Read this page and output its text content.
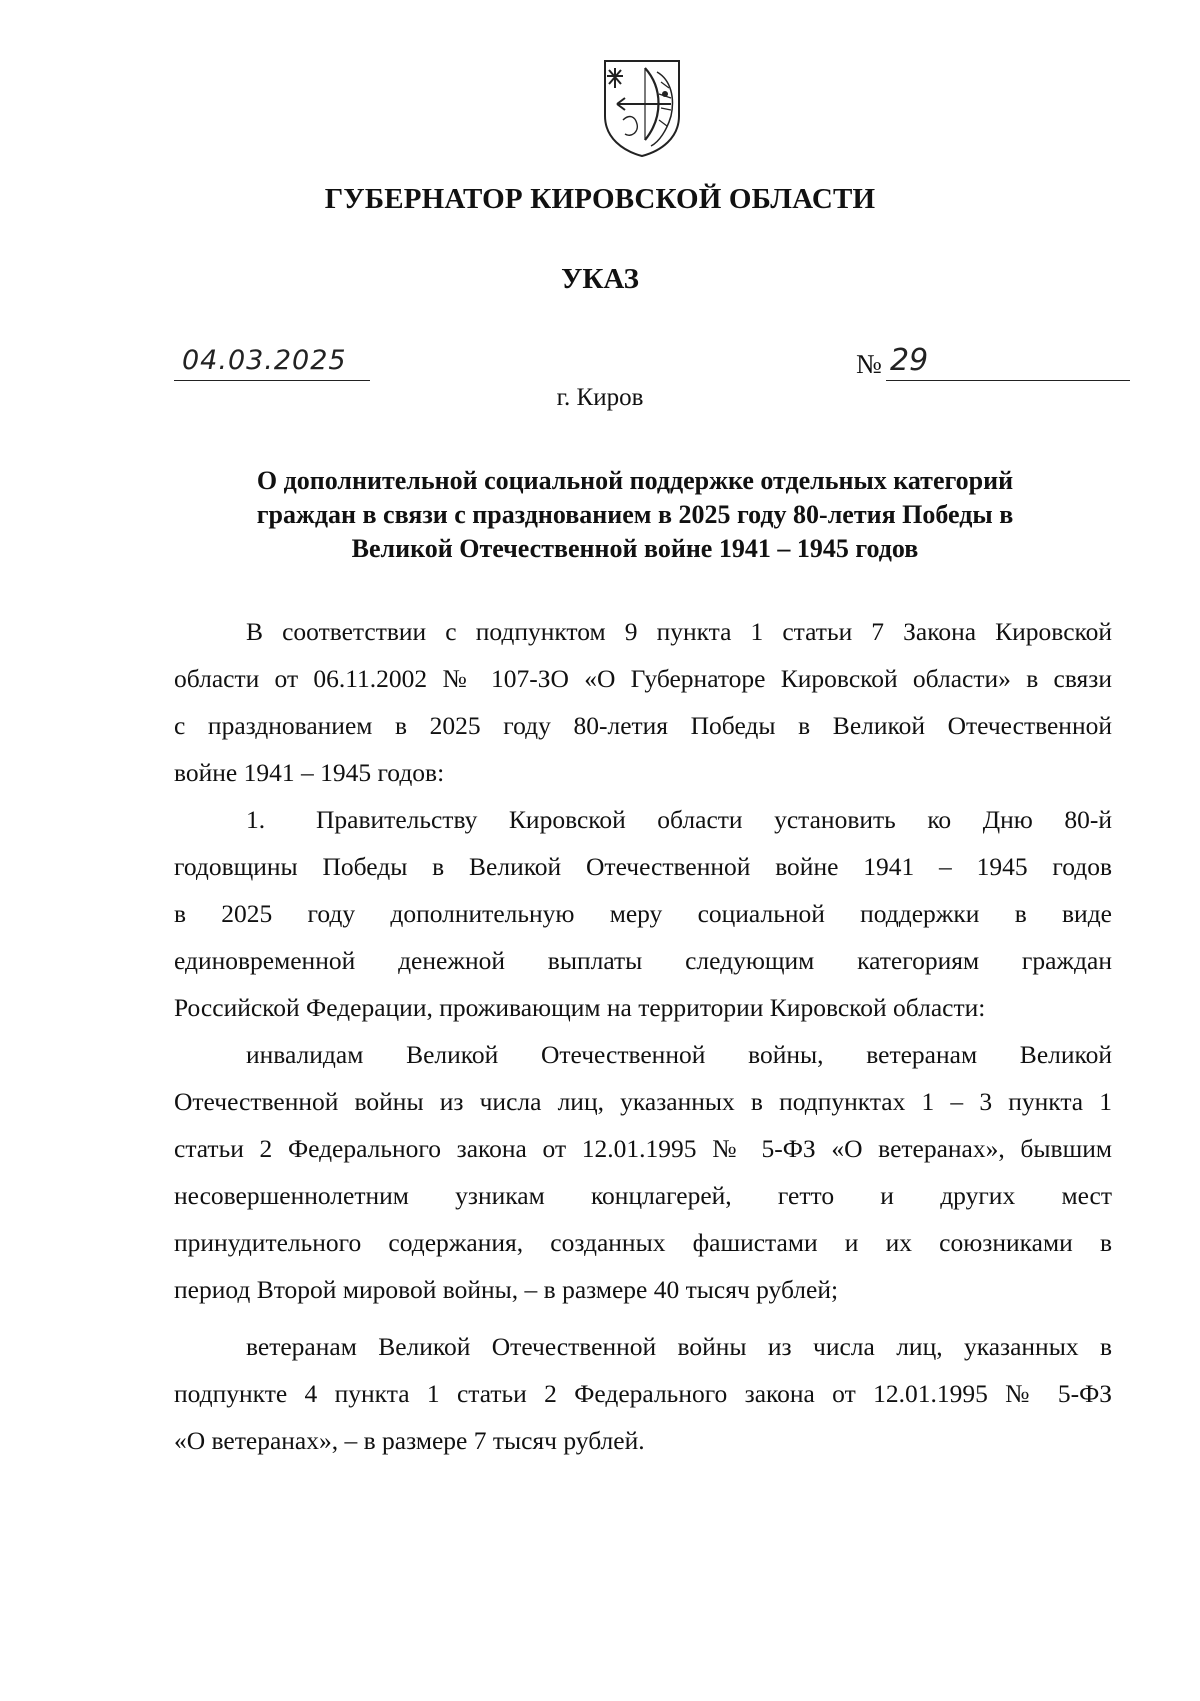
ГУБЕРНАТОР КИРОВСКОЙ ОБЛАСТИ
УКАЗ
04.03.2025	№ 29
г. Киров
О дополнительной социальной поддержке отдельных категорий
граждан в связи с празднованием в 2025 году 80-летия Победы в
Великой Отечественной войне 1941 – 1945 годов
В соответствии с подпунктом 9 пункта 1 статьи 7 Закона Кировской
области от 06.11.2002 № 107-ЗО «О Губернаторе Кировской области» в связи
с празднованием в 2025 году 80-летия Победы в Великой Отечественной
войне 1941 – 1945 годов:
1. Правительству Кировской области установить ко Дню 80-й
годовщины Победы в Великой Отечественной войне 1941 – 1945 годов
в 2025 году дополнительную меру социальной поддержки в виде
единовременной денежной выплаты следующим категориям граждан
Российской Федерации, проживающим на территории Кировской области:
инвалидам Великой Отечественной войны, ветеранам Великой
Отечественной войны из числа лиц, указанных в подпунктах 1 – 3 пункта 1
статьи 2 Федерального закона от 12.01.1995 № 5-ФЗ «О ветеранах», бывшим
несовершеннолетним узникам концлагерей, гетто и других мест
принудительного содержания, созданных фашистами и их союзниками в
период Второй мировой войны, – в размере 40 тысяч рублей;
ветеранам Великой Отечественной войны из числа лиц, указанных в
подпункте 4 пункта 1 статьи 2 Федерального закона от 12.01.1995 № 5-ФЗ
«О ветеранах», – в размере 7 тысяч рублей.
